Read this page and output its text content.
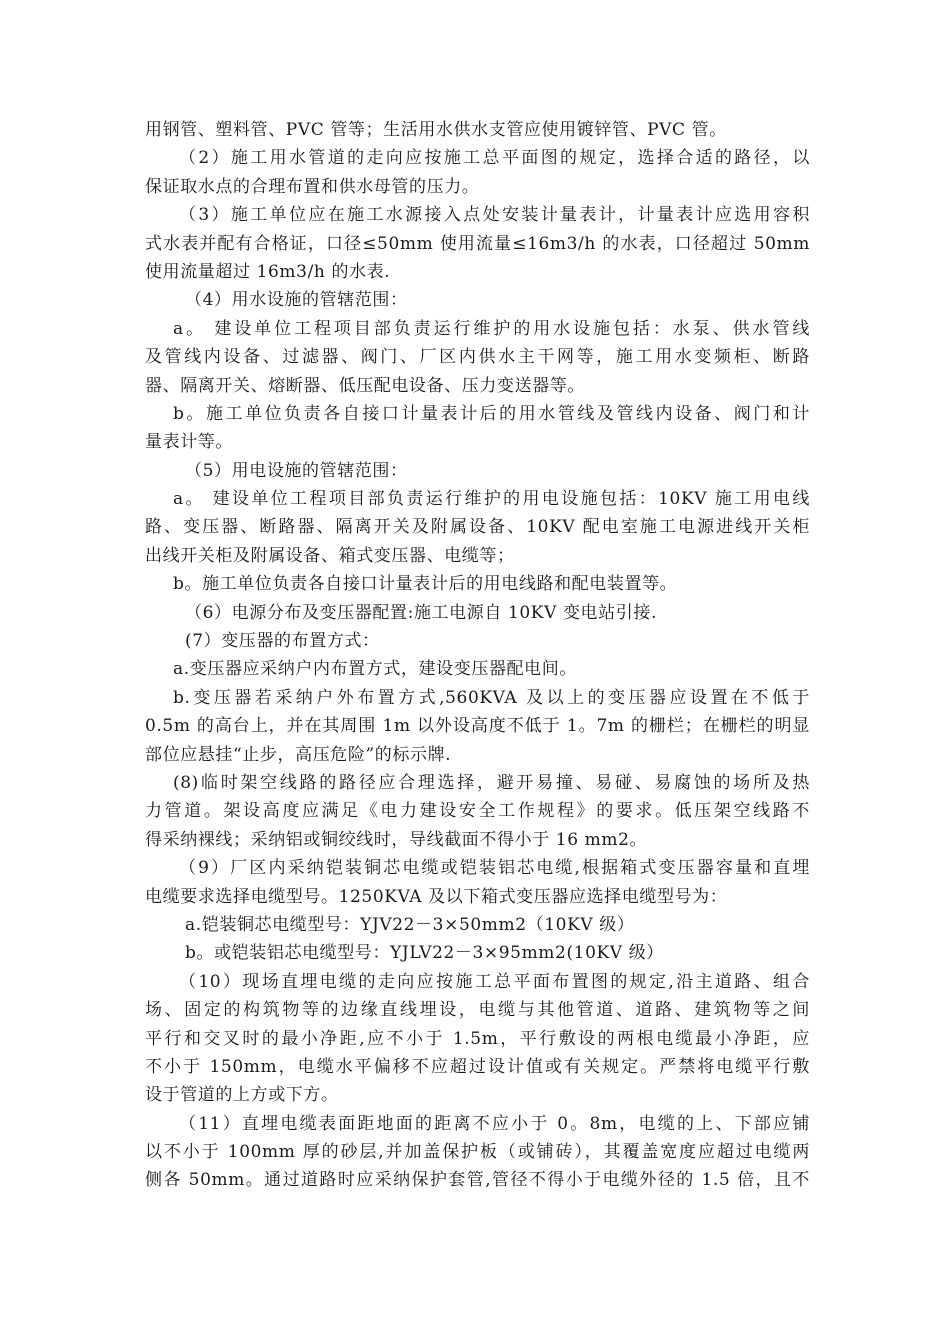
用钢管、塑料管、PVC 管等；生活用水供水支管应使用镀锌管、PVC 管。
（2）施工用水管道的走向应按施工总平面图的规定，选择合适的路径，以
保证取水点的合理布置和供水母管的压力。
（3）施工单位应在施工水源接入点处安装计量表计，计量表计应选用容积
式水表并配有合格证，口径≤50mm 使用流量≤16m3/h 的水表，口径超过 50mm
使用流量超过 16m3/h 的水表.
（4）用水设施的管辖范围：
a。 建设单位工程项目部负责运行维护的用水设施包括：水泵、供水管线
及管线内设备、过滤器、阀门、厂区内供水主干网等，施工用水变频柜、断路
器、隔离开关、熔断器、低压配电设备、压力变送器等。
b。施工单位负责各自接口计量表计后的用水管线及管线内设备、阀门和计
量表计等。
（5）用电设施的管辖范围：
a。 建设单位工程项目部负责运行维护的用电设施包括：10KV 施工用电线
路、变压器、断路器、隔离开关及附属设备、10KV 配电室施工电源进线开关柜
出线开关柜及附属设备、箱式变压器、电缆等；
b。施工单位负责各自接口计量表计后的用电线路和配电装置等。
（6）电源分布及变压器配置:施工电源自 10KV 变电站引接.
(7）变压器的布置方式：
a.变压器应采纳户内布置方式，建设变压器配电间。
b.变压器若采纳户外布置方式,560KVA 及以上的变压器应设置在不低于
0.5m 的高台上，并在其周围 1m 以外设高度不低于 1。7m 的栅栏；在栅栏的明显
部位应悬挂“止步，高压危险”的标示牌.
(8)临时架空线路的路径应合理选择，避开易撞、易碰、易腐蚀的场所及热
力管道。架设高度应满足《电力建设安全工作规程》的要求。低压架空线路不
得采纳裸线；采纳铝或铜绞线时，导线截面不得小于 16 mm2。
（9）厂区内采纳铠装铜芯电缆或铠装铝芯电缆,根据箱式变压器容量和直埋
电缆要求选择电缆型号。1250KVA 及以下箱式变压器应选择电缆型号为：
a.铠装铜芯电缆型号：YJV22－3×50mm2（10KV 级）
b。或铠装铝芯电缆型号：YJLV22－3×95mm2(10KV 级）
（10）现场直埋电缆的走向应按施工总平面布置图的规定,沿主道路、组合
场、固定的构筑物等的边缘直线埋设，电缆与其他管道、道路、建筑物等之间
平行和交叉时的最小净距,应不小于 1.5m，平行敷设的两根电缆最小净距，应
不小于 150mm，电缆水平偏移不应超过设计值或有关规定。严禁将电缆平行敷
设于管道的上方或下方。
（11）直埋电缆表面距地面的距离不应小于 0。8m，电缆的上、下部应铺
以不小于 100mm 厚的砂层,并加盖保护板（或铺砖），其覆盖宽度应超过电缆两
侧各 50mm。通过道路时应采纳保护套管,管径不得小于电缆外径的 1.5 倍，且不
